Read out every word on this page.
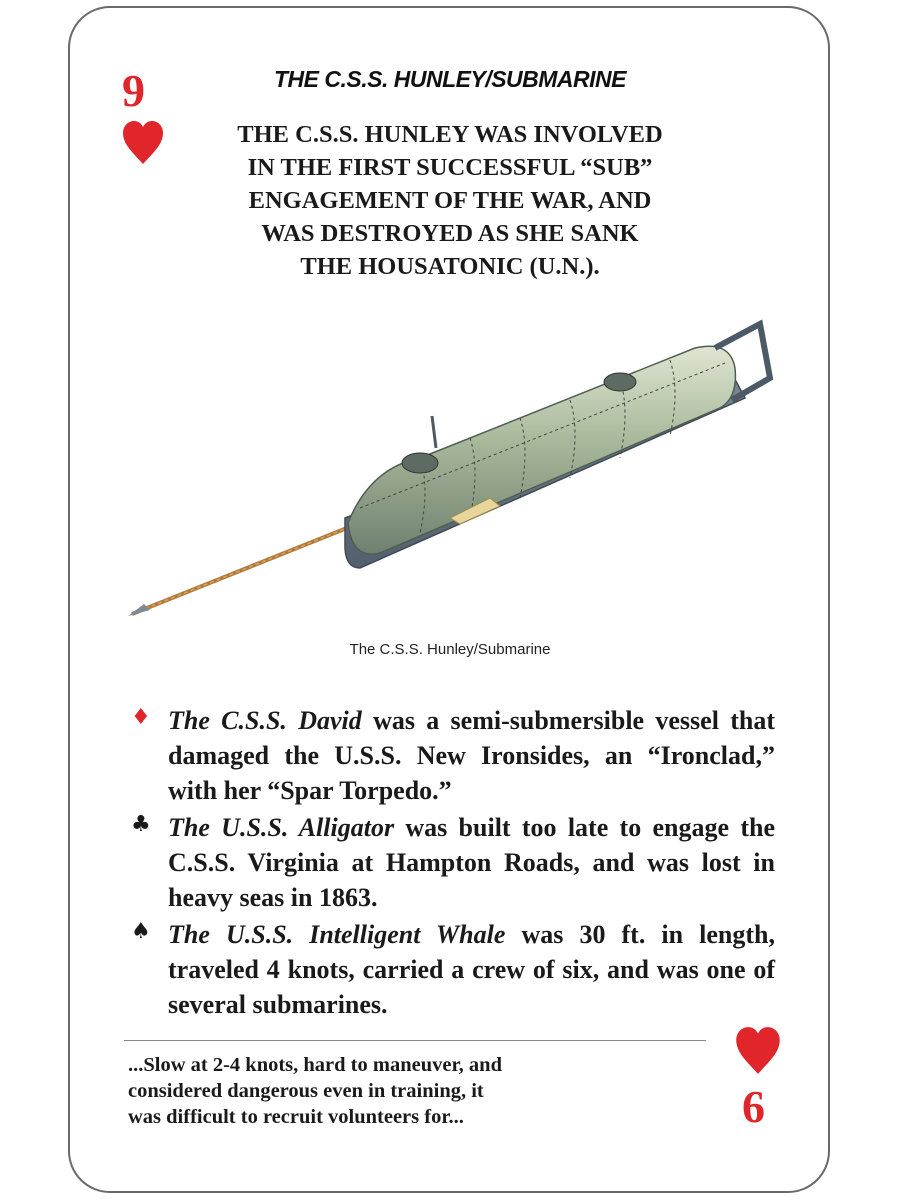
9	THE C.S.S. HUNLEY/SUBMARINE
THE C.S.S. HUNLEY WAS INVOLVED
IN THE FIRST SUCCESSFUL “SUB”
ENGAGEMENT OF THE WAR, AND
WAS DESTROYED AS SHE SANK
THE HOUSATONIC (U.N.).
The C.S.S. Hunley/Submarine
♦ The C.S.S. David was a semi-submersible vessel that damaged the U.S.S. New Ironsides, an “Ironclad,” with her “Spar Torpedo.”
♣ The U.S.S. Alligator was built too late to engage the C.S.S. Virginia at Hampton Roads, and was lost in heavy seas in 1863.
♠ The U.S.S. Intelligent Whale was 30 ft. in length, traveled 4 knots, carried a crew of six, and was one of several submarines.
...Slow at 2-4 knots, hard to maneuver, and
considered dangerous even in training, it
was difficult to recruit volunteers for...	6
